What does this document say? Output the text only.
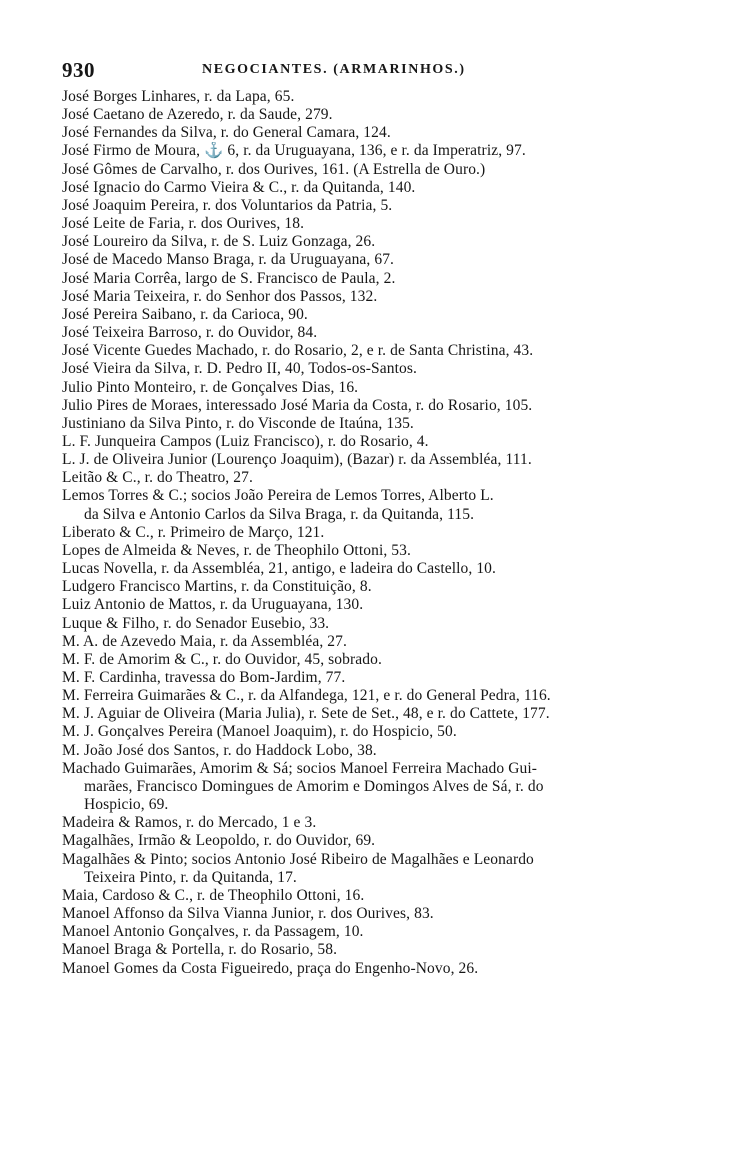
930	NEGOCIANTES. (ARMARINHOS.)
José Borges Linhares, r. da Lapa, 65.
José Caetano de Azeredo, r. da Saude, 279.
José Fernandes da Silva, r. do General Camara, 124.
José Firmo de Moura, ⚓ 6, r. da Uruguayana, 136, e r. da Imperatriz, 97.
José Gômes de Carvalho, r. dos Ourives, 161. (A Estrella de Ouro.)
José Ignacio do Carmo Vieira & C., r. da Quitanda, 140.
José Joaquim Pereira, r. dos Voluntarios da Patria, 5.
José Leite de Faria, r. dos Ourives, 18.
José Loureiro da Silva, r. de S. Luiz Gonzaga, 26.
José de Macedo Manso Braga, r. da Uruguayana, 67.
José Maria Corrêa, largo de S. Francisco de Paula, 2.
José Maria Teixeira, r. do Senhor dos Passos, 132.
José Pereira Saibano, r. da Carioca, 90.
José Teixeira Barroso, r. do Ouvidor, 84.
José Vicente Guedes Machado, r. do Rosario, 2, e r. de Santa Christina, 43.
José Vieira da Silva, r. D. Pedro II, 40, Todos-os-Santos.
Julio Pinto Monteiro, r. de Gonçalves Dias, 16.
Julio Pires de Moraes, interessado José Maria da Costa, r. do Rosario, 105.
Justiniano da Silva Pinto, r. do Visconde de Itaúna, 135.
L. F. Junqueira Campos (Luiz Francisco), r. do Rosario, 4.
L. J. de Oliveira Junior (Lourenço Joaquim), (Bazar) r. da Assembléa, 111.
Leitão & C., r. do Theatro, 27.
Lemos Torres & C.; socios João Pereira de Lemos Torres, Alberto L.
da Silva e Antonio Carlos da Silva Braga, r. da Quitanda, 115.
Liberato & C., r. Primeiro de Março, 121.
Lopes de Almeida & Neves, r. de Theophilo Ottoni, 53.
Lucas Novella, r. da Assembléa, 21, antigo, e ladeira do Castello, 10.
Ludgero Francisco Martins, r. da Constituição, 8.
Luiz Antonio de Mattos, r. da Uruguayana, 130.
Luque & Filho, r. do Senador Eusebio, 33.
M. A. de Azevedo Maia, r. da Assembléa, 27.
M. F. de Amorim & C., r. do Ouvidor, 45, sobrado.
M. F. Cardinha, travessa do Bom-Jardim, 77.
M. Ferreira Guimarães & C., r. da Alfandega, 121, e r. do General Pedra, 116.
M. J. Aguiar de Oliveira (Maria Julia), r. Sete de Set., 48, e r. do Cattete, 177.
M. J. Gonçalves Pereira (Manoel Joaquim), r. do Hospicio, 50.
M. João José dos Santos, r. do Haddock Lobo, 38.
Machado Guimarães, Amorim & Sá; socios Manoel Ferreira Machado Gui-
marães, Francisco Domingues de Amorim e Domingos Alves de Sá, r. do
Hospicio, 69.
Madeira & Ramos, r. do Mercado, 1 e 3.
Magalhães, Irmão & Leopoldo, r. do Ouvidor, 69.
Magalhães & Pinto; socios Antonio José Ribeiro de Magalhães e Leonardo
Teixeira Pinto, r. da Quitanda, 17.
Maia, Cardoso & C., r. de Theophilo Ottoni, 16.
Manoel Affonso da Silva Vianna Junior, r. dos Ourives, 83.
Manoel Antonio Gonçalves, r. da Passagem, 10.
Manoel Braga & Portella, r. do Rosario, 58.
Manoel Gomes da Costa Figueiredo, praça do Engenho-Novo, 26.
